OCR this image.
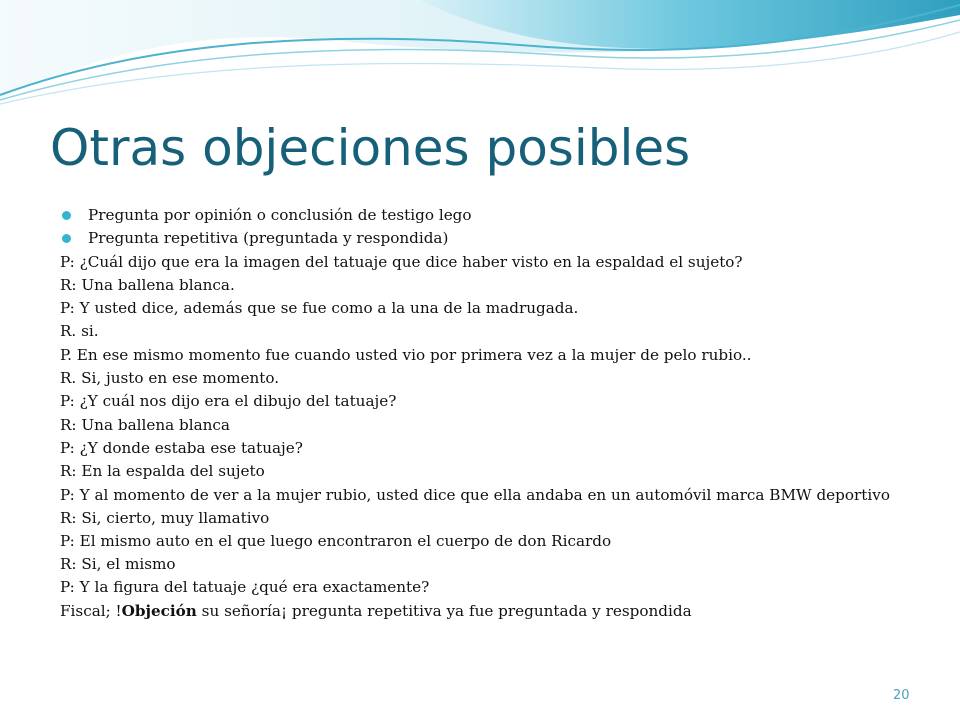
Otras objeciones posibles
Pregunta por opinión o conclusión de testigo lego
Pregunta repetitiva (preguntada y respondida)
P: ¿Cuál dijo que era la imagen del tatuaje que dice haber visto en la espaldad el sujeto?
R: Una ballena blanca.
P: Y usted dice, además que se fue como a la una de la madrugada.
R. si.
P. En ese mismo momento fue cuando usted vio por primera vez a la mujer de pelo rubio..
R. Si, justo en ese momento.
P: ¿Y cuál nos dijo era el dibujo del tatuaje?
R: Una ballena blanca
P: ¿Y donde estaba ese tatuaje?
R: En la espalda del sujeto
P: Y al momento de ver a la mujer rubio, usted dice que ella andaba en un automóvil marca BMW deportivo
R: Si, cierto, muy llamativo
P: El mismo auto en el que luego encontraron el cuerpo de don Ricardo
R: Si, el mismo
P: Y la figura del tatuaje ¿qué era exactamente?
Fiscal; !Objeción su señoría¡ pregunta repetitiva ya fue preguntada y respondida
20
